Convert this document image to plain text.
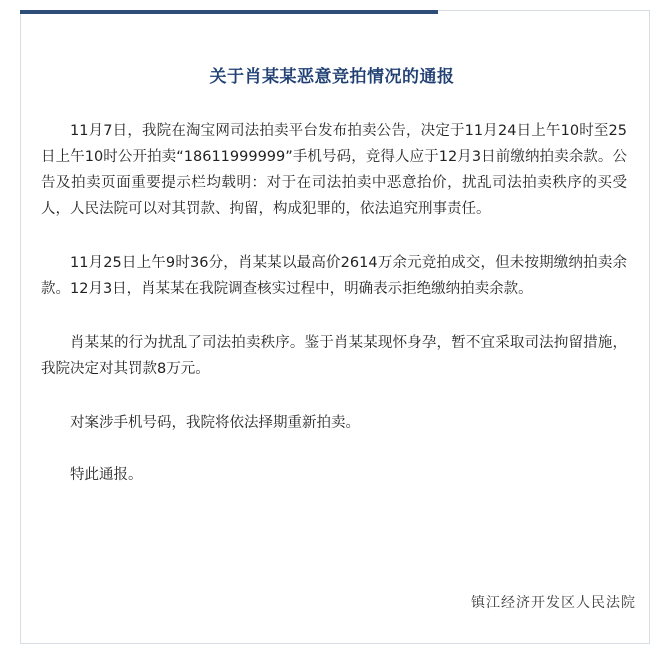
关于肖某某恶意竞拍情况的通报

11月7日，我院在淘宝网司法拍卖平台发布拍卖公告，决定于11月24日上午10时至25日上午10时公开拍卖“18611999999”手机号码，竞得人应于12月3日前缴纳拍卖余款。公告及拍卖页面重要提示栏均载明：对于在司法拍卖中恶意抬价，扰乱司法拍卖秩序的买受人，人民法院可以对其罚款、拘留，构成犯罪的，依法追究刑事责任。

11月25日上午9时36分，肖某某以最高价2614万余元竞拍成交，但未按期缴纳拍卖余款。12月3日，肖某某在我院调查核实过程中，明确表示拒绝缴纳拍卖余款。

肖某某的行为扰乱了司法拍卖秩序。鉴于肖某某现怀身孕，暂不宜采取司法拘留措施，我院决定对其罚款8万元。

对案涉手机号码，我院将依法择期重新拍卖。

特此通报。

镇江经济开发区人民法院
